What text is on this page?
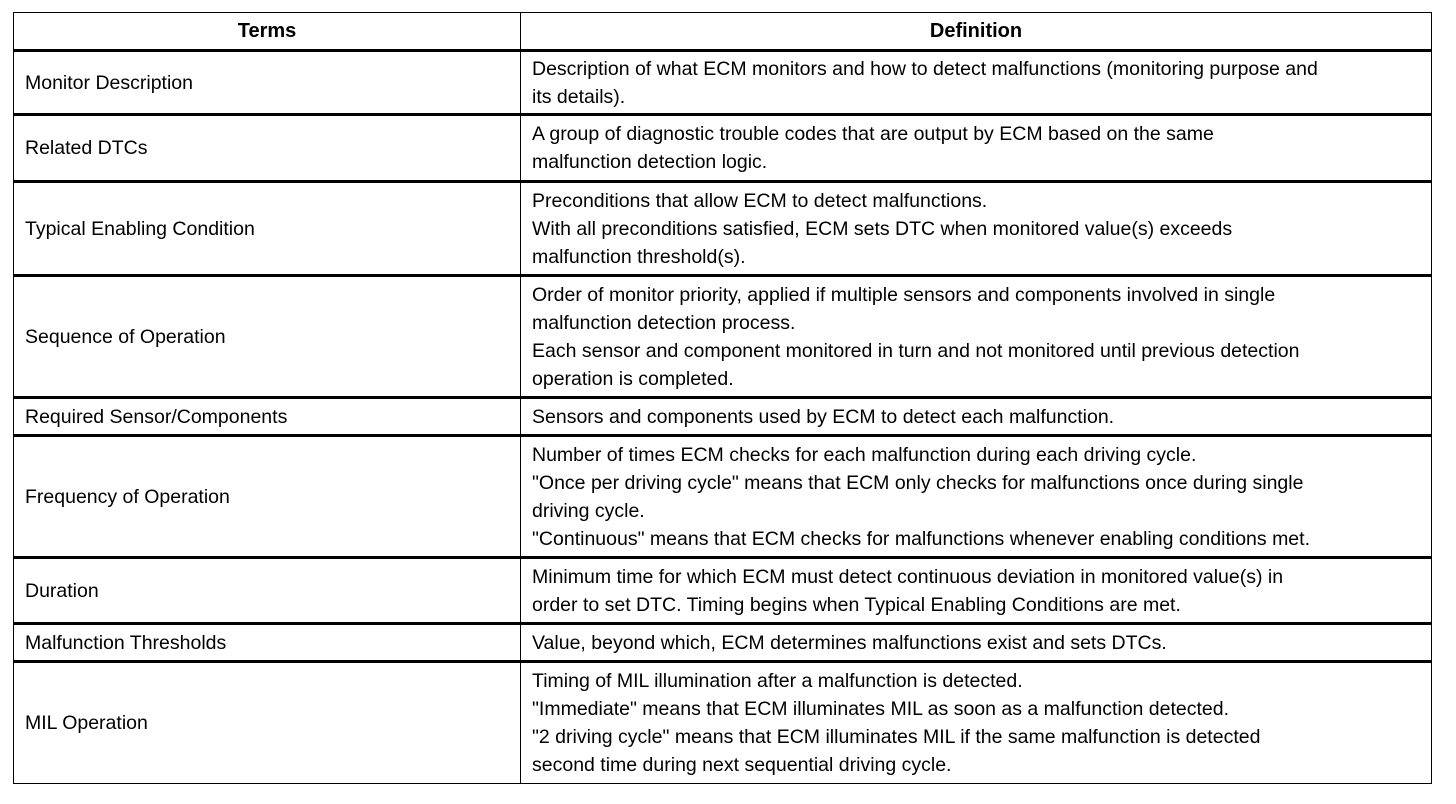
Terms	Definition
Monitor Description	Description of what ECM monitors and how to detect malfunctions (monitoring purpose and
its details).

Related DTCs	A group of diagnostic trouble codes that are output by ECM based on the same
malfunction detection logic.

Typical Enabling Condition	Preconditions that allow ECM to detect malfunctions.
With all preconditions satisfied, ECM sets DTC when monitored value(s) exceeds
malfunction threshold(s).

Sequence of Operation	Order of monitor priority, applied if multiple sensors and components involved in single
malfunction detection process.
Each sensor and component monitored in turn and not monitored until previous detection
operation is completed.

Required Sensor/Components	Sensors and components used by ECM to detect each malfunction.

Frequency of Operation	Number of times ECM checks for each malfunction during each driving cycle.
"Once per driving cycle" means that ECM only checks for malfunctions once during single
driving cycle.
"Continuous" means that ECM checks for malfunctions whenever enabling conditions met.

Duration	Minimum time for which ECM must detect continuous deviation in monitored value(s) in
order to set DTC. Timing begins when Typical Enabling Conditions are met.

Malfunction Thresholds	Value, beyond which, ECM determines malfunctions exist and sets DTCs.

MIL Operation	Timing of MIL illumination after a malfunction is detected.
"Immediate" means that ECM illuminates MIL as soon as a malfunction detected.
"2 driving cycle" means that ECM illuminates MIL if the same malfunction is detected
second time during next sequential driving cycle.
